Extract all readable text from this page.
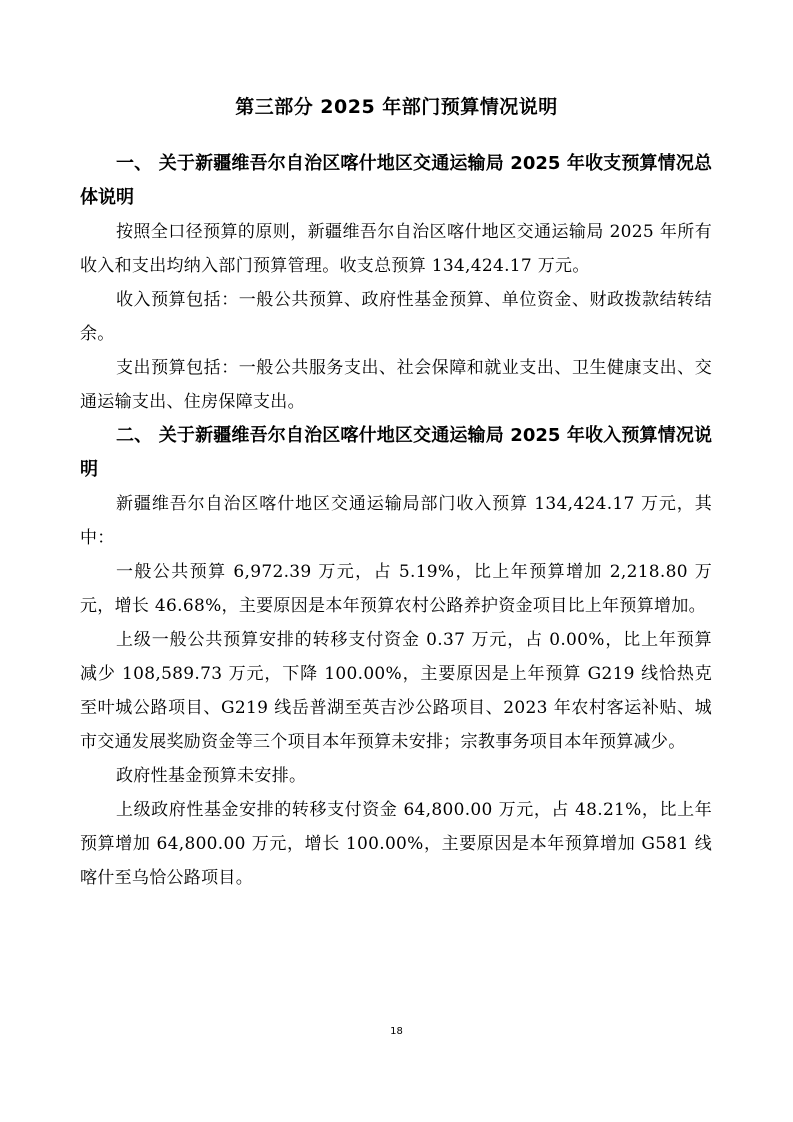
第三部分 2025 年部门预算情况说明

一、 关于新疆维吾尔自治区喀什地区交通运输局 2025 年收支预算情况总体说明

按照全口径预算的原则，新疆维吾尔自治区喀什地区交通运输局 2025 年所有收入和支出均纳入部门预算管理。收支总预算 134,424.17 万元。

收入预算包括：一般公共预算、政府性基金预算、单位资金、财政拨款结转结余。

支出预算包括：一般公共服务支出、社会保障和就业支出、卫生健康支出、交通运输支出、住房保障支出。

二、 关于新疆维吾尔自治区喀什地区交通运输局 2025 年收入预算情况说明

新疆维吾尔自治区喀什地区交通运输局部门收入预算 134,424.17 万元，其中：

一般公共预算 6,972.39 万元，占 5.19%，比上年预算增加 2,218.80 万元，增长 46.68%，主要原因是本年预算农村公路养护资金项目比上年预算增加。

上级一般公共预算安排的转移支付资金 0.37 万元，占 0.00%，比上年预算减少 108,589.73 万元，下降 100.00%，主要原因是上年预算 G219 线恰热克至叶城公路项目、G219 线岳普湖至英吉沙公路项目、2023 年农村客运补贴、城市交通发展奖励资金等三个项目本年预算未安排；宗教事务项目本年预算减少。

政府性基金预算未安排。

上级政府性基金安排的转移支付资金 64,800.00 万元，占 48.21%，比上年预算增加 64,800.00 万元，增长 100.00%，主要原因是本年预算增加 G581 线喀什至乌恰公路项目。

18
